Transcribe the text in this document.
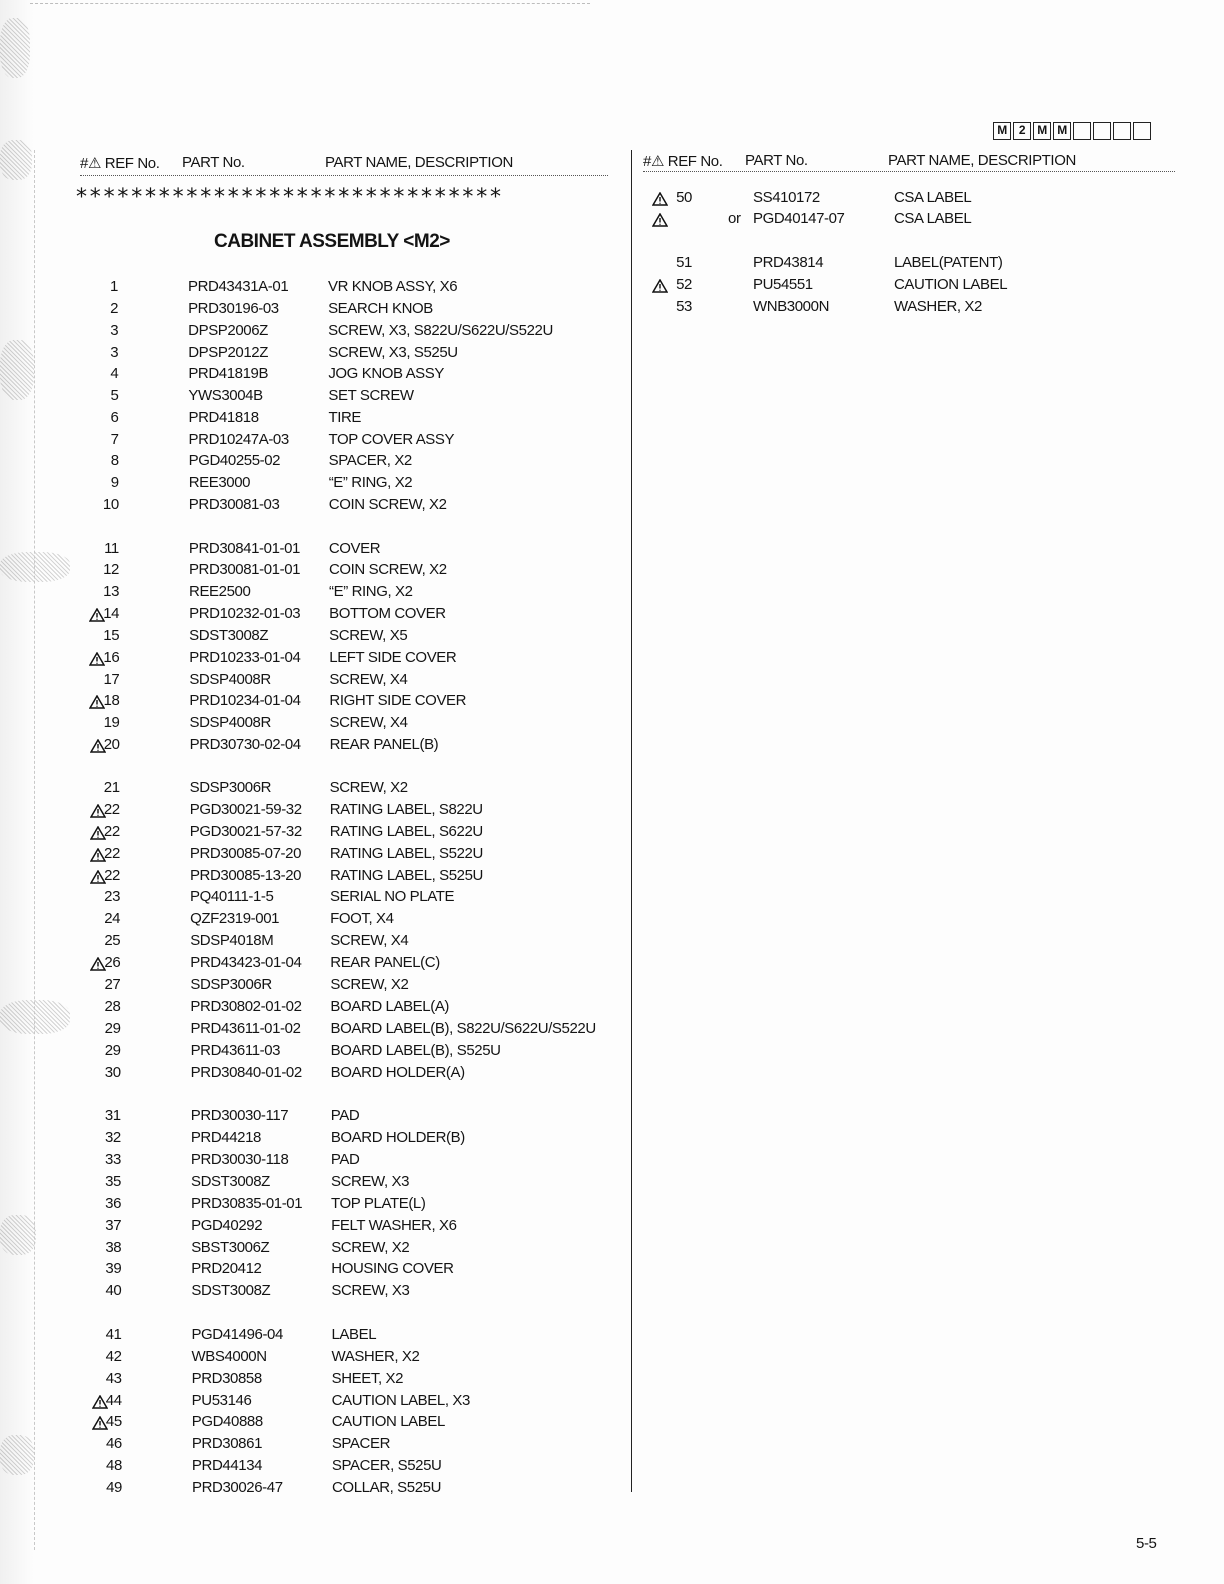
M	2	M M
#⚠ REF No. PART No.	PART NAME, DESCRIPTION	#⚠ REF No. PART No.	PART NAME, DESCRIPTION
*******************************
CABINET ASSEMBLY <M2>
1	PRD43431A-01	VR KNOB ASSY, X6
2	PRD30196-03	SEARCH KNOB
3	DPSP2006Z	SCREW, X3, S822U/S622U/S522U
3	DPSP2012Z	SCREW, X3, S525U
4	PRD41819B	JOG KNOB ASSY
5	YWS3004B	SET SCREW
6	PRD41818	TIRE
7	PRD10247A-03	TOP COVER ASSY
8	PGD40255-02	SPACER, X2
9	REE3000	“E” RING, X2
10	PRD30081-03	COIN SCREW, X2
11	PRD30841-01-01 COVER
12	PRD30081-01-01 COIN SCREW, X2
13	REE2500	“E” RING, X2
14	PRD10232-01-03 BOTTOM COVER
15	SDST3008Z	SCREW, X5
16	PRD10233-01-04 LEFT SIDE COVER
17	SDSP4008R	SCREW, X4
18	PRD10234-01-04 RIGHT SIDE COVER
19	SDSP4008R	SCREW, X4
20	PRD30730-02-04 REAR PANEL(B)
21	SDSP3006R	SCREW, X2
22	PGD30021-59-32 RATING LABEL, S822U
22	PGD30021-57-32 RATING LABEL, S622U
22	PRD30085-07-20 RATING LABEL, S522U
22	PRD30085-13-20 RATING LABEL, S525U
23	PQ40111-1-5	SERIAL NO PLATE
24	QZF2319-001	FOOT, X4
25	SDSP4018M	SCREW, X4
26	PRD43423-01-04 REAR PANEL(C)
27	SDSP3006R	SCREW, X2
28	PRD30802-01-02 BOARD LABEL(A)
29	PRD43611-01-02 BOARD LABEL(B), S822U/S622U/S522U
29	PRD43611-03	BOARD LABEL(B), S525U
30	PRD30840-01-02 BOARD HOLDER(A)
31	PRD30030-117	PAD
32	PRD44218	BOARD HOLDER(B)
33	PRD30030-118	PAD
35	SDST3008Z	SCREW, X3
36	PRD30835-01-01 TOP PLATE(L)
37	PGD40292	FELT WASHER, X6
38	SBST3006Z	SCREW, X2
39	PRD20412	HOUSING COVER
40	SDST3008Z	SCREW, X3
41	PGD41496-04	LABEL
42	WBS4000N	WASHER, X2
43	PRD30858	SHEET, X2
44	PU53146	CAUTION LABEL, X3
45	PGD40888	CAUTION LABEL
46	PRD30861	SPACER
48	PRD44134	SPACER, S525U
49	PRD30026-47	COLLAR, S525U
50	SS410172	CSA LABEL
or PGD40147-07	CSA LABEL
51	PRD43814	LABEL(PATENT)
52	PU54551	CAUTION LABEL
53	WNB3000N	WASHER, X2
5-5
